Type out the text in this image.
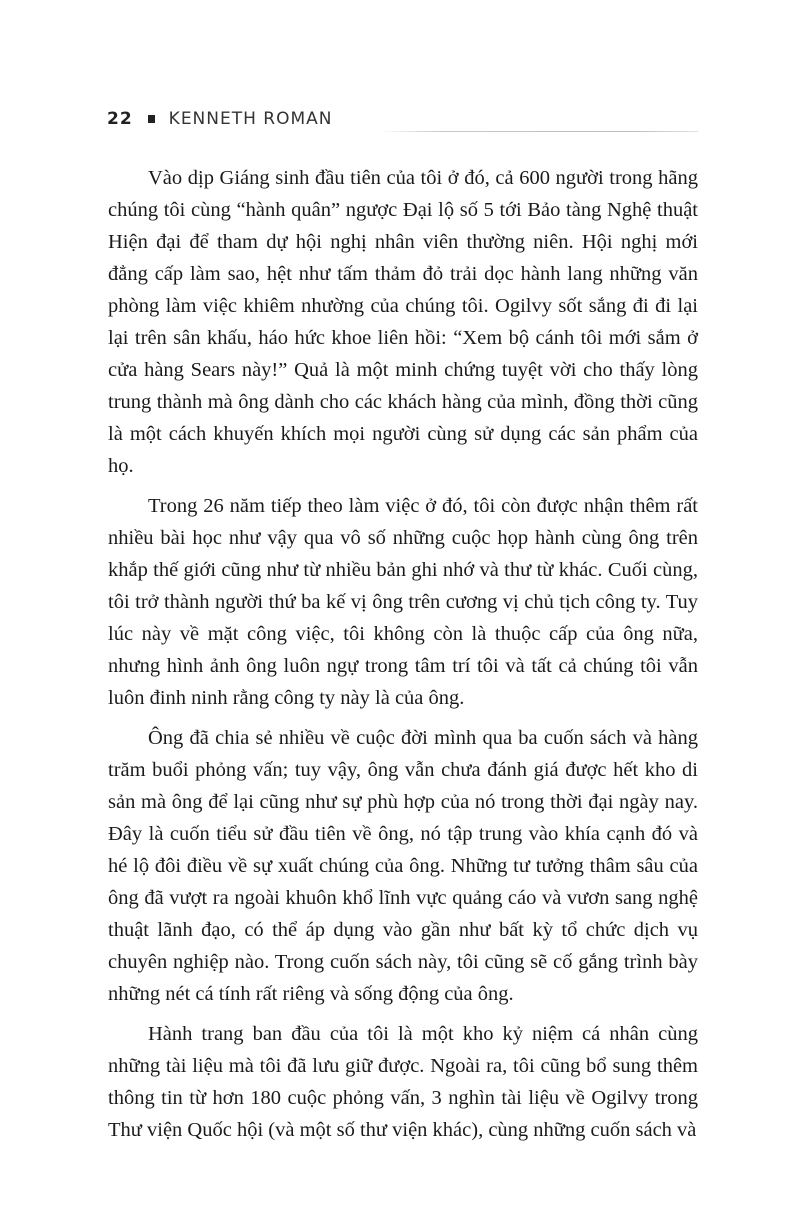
22 KENNETH ROMAN

Vào dịp Giáng sinh đầu tiên của tôi ở đó, cả 600 người trong hãng chúng tôi cùng “hành quân” ngược Đại lộ số 5 tới Bảo tàng Nghệ thuật Hiện đại để tham dự hội nghị nhân viên thường niên. Hội nghị mới đẳng cấp làm sao, hệt như tấm thảm đỏ trải dọc hành lang những văn phòng làm việc khiêm nhường của chúng tôi. Ogilvy sốt sắng đi đi lại lại trên sân khấu, háo hức khoe liên hồi: “Xem bộ cánh tôi mới sắm ở cửa hàng Sears này!” Quả là một minh chứng tuyệt vời cho thấy lòng trung thành mà ông dành cho các khách hàng của mình, đồng thời cũng là một cách khuyến khích mọi người cùng sử dụng các sản phẩm của họ.

Trong 26 năm tiếp theo làm việc ở đó, tôi còn được nhận thêm rất nhiều bài học như vậy qua vô số những cuộc họp hành cùng ông trên khắp thế giới cũng như từ nhiều bản ghi nhớ và thư từ khác. Cuối cùng, tôi trở thành người thứ ba kế vị ông trên cương vị chủ tịch công ty. Tuy lúc này về mặt công việc, tôi không còn là thuộc cấp của ông nữa, nhưng hình ảnh ông luôn ngự trong tâm trí tôi và tất cả chúng tôi vẫn luôn đinh ninh rằng công ty này là của ông.

Ông đã chia sẻ nhiều về cuộc đời mình qua ba cuốn sách và hàng trăm buổi phỏng vấn; tuy vậy, ông vẫn chưa đánh giá được hết kho di sản mà ông để lại cũng như sự phù hợp của nó trong thời đại ngày nay. Đây là cuốn tiểu sử đầu tiên về ông, nó tập trung vào khía cạnh đó và hé lộ đôi điều về sự xuất chúng của ông. Những tư tưởng thâm sâu của ông đã vượt ra ngoài khuôn khổ lĩnh vực quảng cáo và vươn sang nghệ thuật lãnh đạo, có thể áp dụng vào gần như bất kỳ tổ chức dịch vụ chuyên nghiệp nào. Trong cuốn sách này, tôi cũng sẽ cố gắng trình bày những nét cá tính rất riêng và sống động của ông.

Hành trang ban đầu của tôi là một kho kỷ niệm cá nhân cùng những tài liệu mà tôi đã lưu giữ được. Ngoài ra, tôi cũng bổ sung thêm thông tin từ hơn 180 cuộc phỏng vấn, 3 nghìn tài liệu về Ogilvy trong Thư viện Quốc hội (và một số thư viện khác), cùng những cuốn sách và
